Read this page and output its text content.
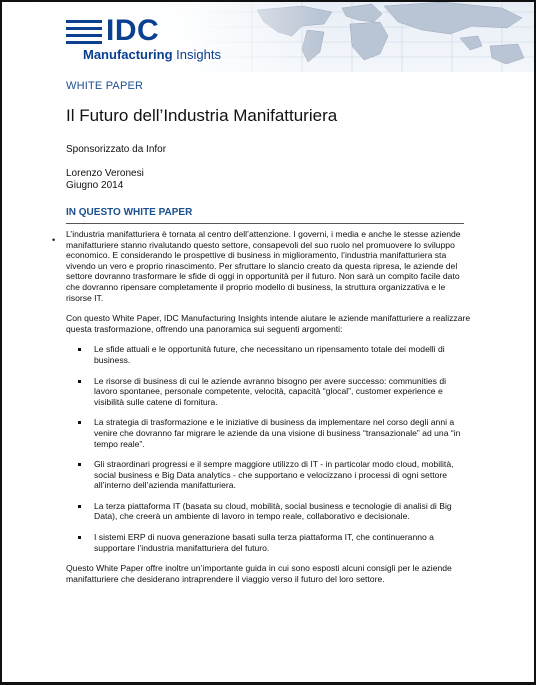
IDC
Manufacturing Insights
WHITE PAPER
Il Futuro dell’Industria Manifatturiera
Sponsorizzato da Infor
Lorenzo Veronesi
Giugno 2014
IN QUESTO WHITE PAPER
•

L’industria manifatturiera è tornata al centro dell’attenzione. I governi, i media e anche le stesse aziende manifatturiere stanno rivalutando questo settore, consapevoli del suo ruolo nel promuovere lo sviluppo economico. E considerando le prospettive di business in miglioramento, l’industria manifatturiera sta vivendo un vero e proprio rinascimento. Per sfruttare lo slancio creato da questa ripresa, le aziende del settore dovranno trasformare le sfide di oggi in opportunità per il futuro. Non sarà un compito facile dato che dovranno ripensare completamente il proprio modello di business, la struttura organizzativa e le risorse IT.

Con questo White Paper, IDC Manufacturing Insights intende aiutare le aziende manifatturiere a realizzare questa trasformazione, offrendo una panoramica sui seguenti argomenti:

Le sfide attuali e le opportunità future, che necessitano un ripensamento totale dei modelli di business.
Le risorse di business di cui le aziende avranno bisogno per avere successo: communities di lavoro spontanee, personale competente, velocità, capacità “glocal”, customer experience e visibilità sulle catene di fornitura.
La strategia di trasformazione e le iniziative di business da implementare nel corso degli anni a venire che dovranno far migrare le aziende da una visione di business “transazionale” ad una “in tempo reale”.
Gli straordinari progressi e il sempre maggiore utilizzo di IT - in particolar modo cloud, mobilità, social business e Big Data analytics - che supportano e velocizzano i processi di ogni settore all’interno dell’azienda manifatturiera.
La terza piattaforma IT (basata su cloud, mobilità, social business e tecnologie di analisi di Big Data), che creerà un ambiente di lavoro in tempo reale, collaborativo e decisionale.
I sistemi ERP di nuova generazione basati sulla terza piattaforma IT, che continueranno a supportare l’industria manifatturiera del futuro.

Questo White Paper offre inoltre un’importante guida in cui sono esposti alcuni consigli per le aziende manifatturiere che desiderano intraprendere il viaggio verso il futuro del loro settore.
